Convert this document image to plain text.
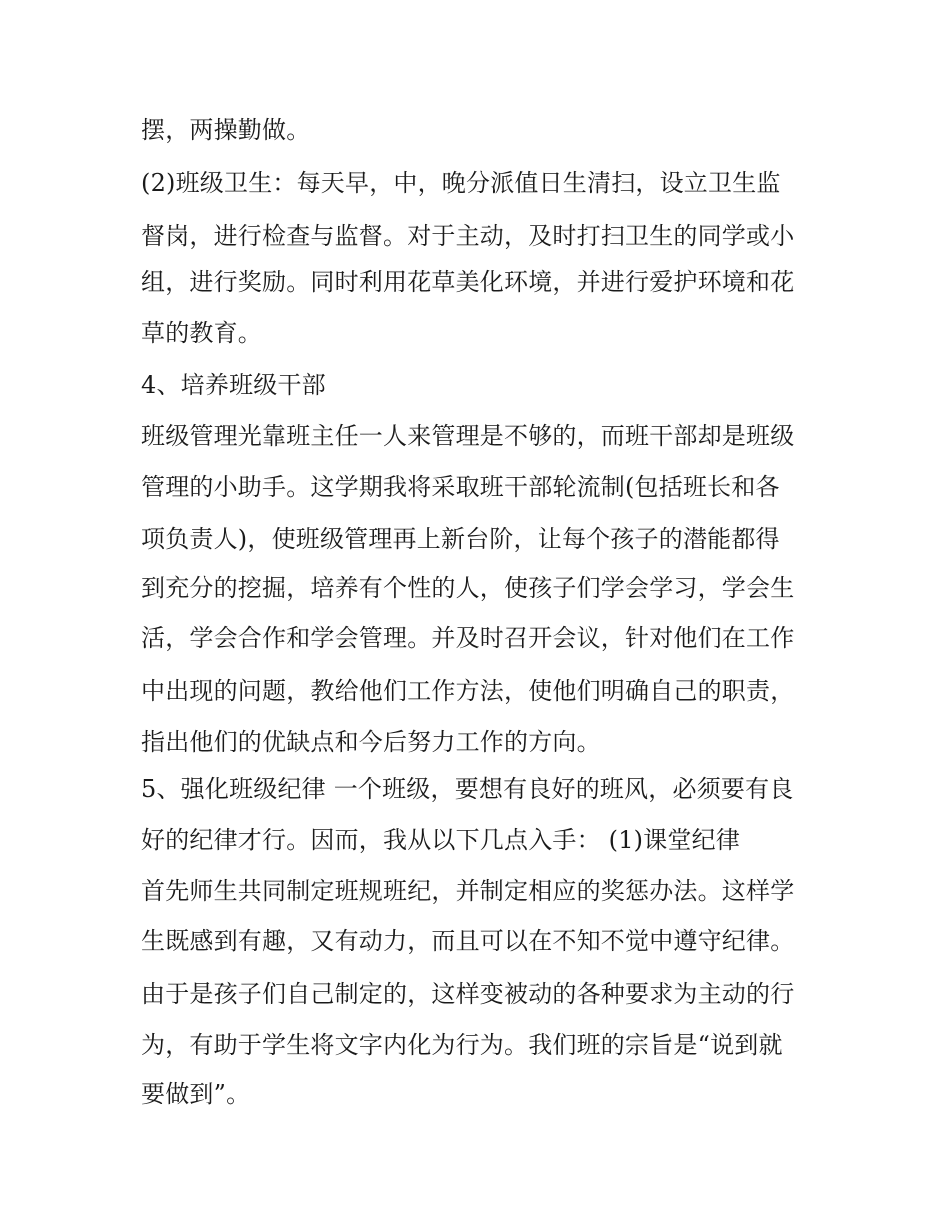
摆，两操勤做。

(2)班级卫生：每天早，中，晚分派值日生清扫，设立卫生监

督岗，进行检查与监督。对于主动，及时打扫卫生的同学或小

组，进行奖励。同时利用花草美化环境，并进行爱护环境和花

草的教育。

4、培养班级干部

班级管理光靠班主任一人来管理是不够的，而班干部却是班级

管理的小助手。这学期我将采取班干部轮流制(包括班长和各

项负责人)，使班级管理再上新台阶，让每个孩子的潜能都得

到充分的挖掘，培养有个性的人，使孩子们学会学习，学会生

活，学会合作和学会管理。并及时召开会议，针对他们在工作

中出现的问题，教给他们工作方法，使他们明确自己的职责，

指出他们的优缺点和今后努力工作的方向。

5、强化班级纪律 一个班级，要想有良好的班风，必须要有良

好的纪律才行。因而，我从以下几点入手： (1)课堂纪律

首先师生共同制定班规班纪，并制定相应的奖惩办法。这样学

生既感到有趣，又有动力，而且可以在不知不觉中遵守纪律。

由于是孩子们自己制定的，这样变被动的各种要求为主动的行

为，有助于学生将文字内化为行为。我们班的宗旨是“说到就

要做到”。
